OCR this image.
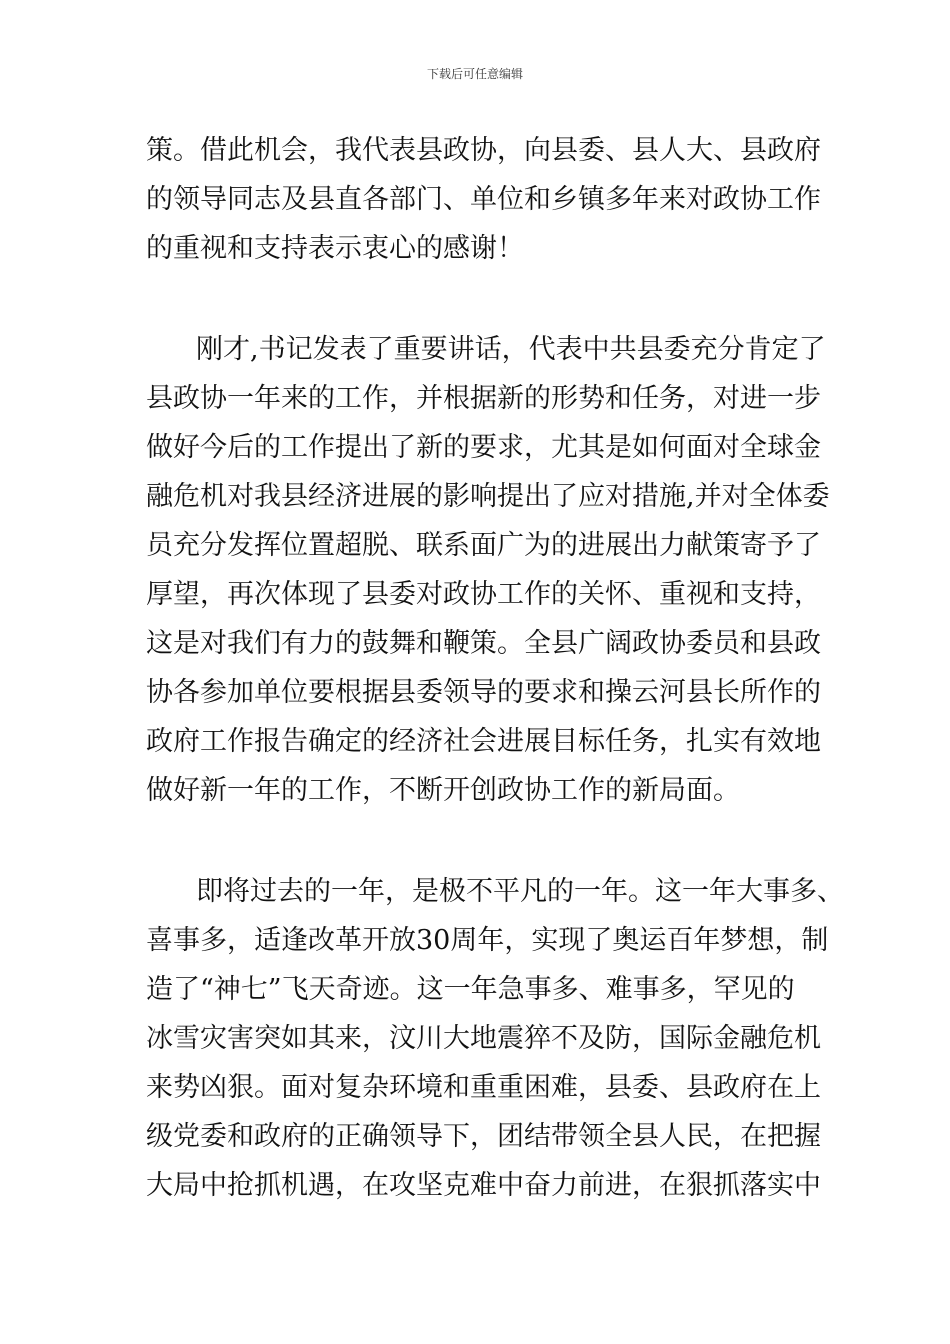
下载后可任意编辑
策。借此机会，我代表县政协，向县委、县人大、县政府
的领导同志及县直各部门、单位和乡镇多年来对政协工作
的重视和支持表示衷心的感谢！
刚才,书记发表了重要讲话，代表中共县委充分肯定了
县政协一年来的工作，并根据新的形势和任务，对进一步
做好今后的工作提出了新的要求，尤其是如何面对全球金
融危机对我县经济进展的影响提出了应对措施,并对全体委
员充分发挥位置超脱、联系面广为的进展出力献策寄予了
厚望，再次体现了县委对政协工作的关怀、重视和支持，
这是对我们有力的鼓舞和鞭策。全县广阔政协委员和县政
协各参加单位要根据县委领导的要求和操云河县长所作的
政府工作报告确定的经济社会进展目标任务，扎实有效地
做好新一年的工作，不断开创政协工作的新局面。
即将过去的一年，是极不平凡的一年。这一年大事多、
喜事多，适逢改革开放30周年，实现了奥运百年梦想，制
造了“神七”飞天奇迹。这一年急事多、难事多，罕见的
冰雪灾害突如其来，汶川大地震猝不及防，国际金融危机
来势凶狠。面对复杂环境和重重困难，县委、县政府在上
级党委和政府的正确领导下，团结带领全县人民，在把握
大局中抢抓机遇，在攻坚克难中奋力前进，在狠抓落实中
